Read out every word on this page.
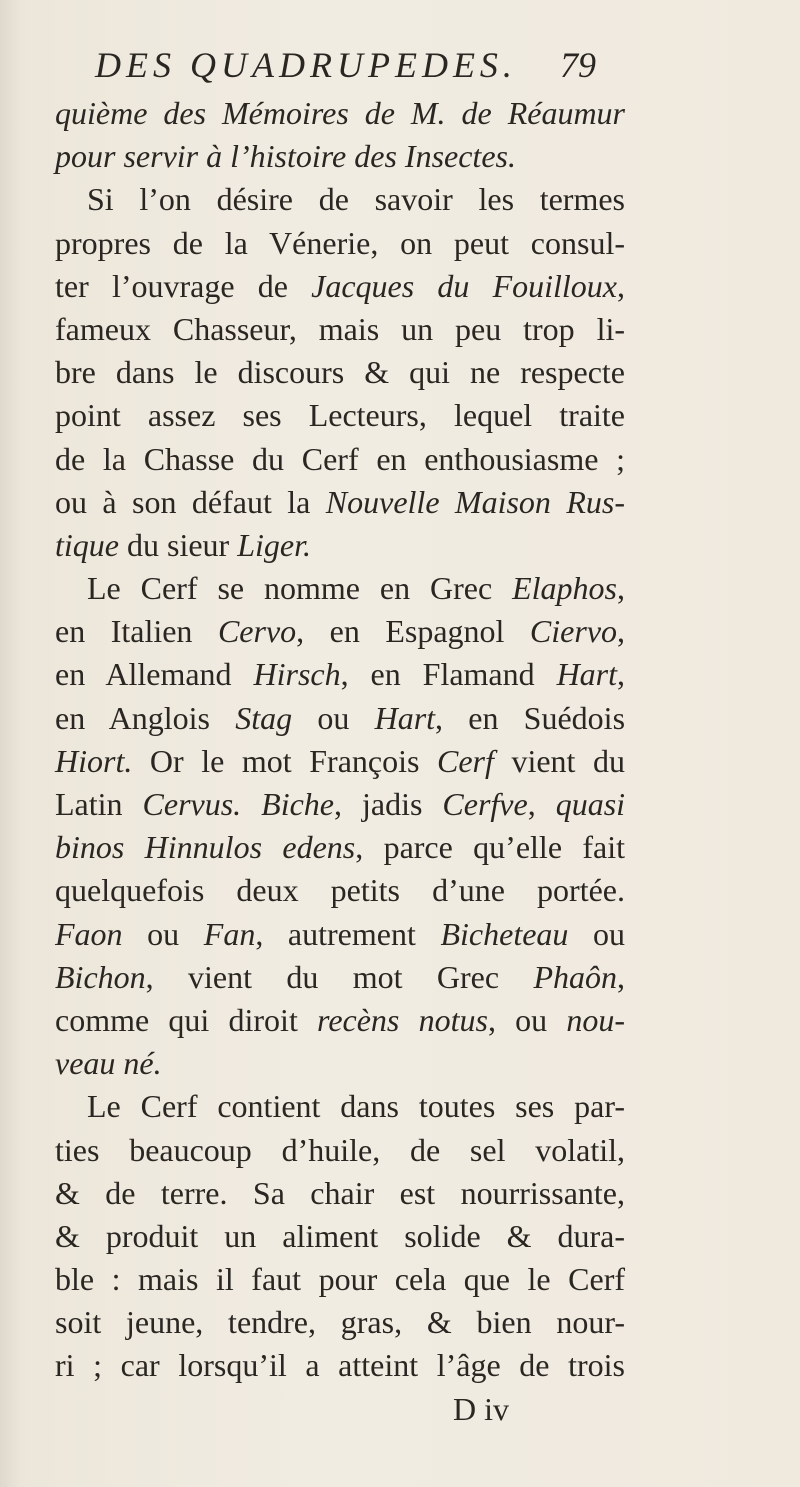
DES QUADRUPEDES. 79
quième des Mémoires de M. de Réaumur
pour servir à l’histoire des Insectes.
Si l’on désire de savoir les termes
propres de la Vénerie, on peut consul-
ter l’ouvrage de Jacques du Fouilloux,
fameux Chasseur, mais un peu trop li-
bre dans le discours & qui ne respecte
point assez ses Lecteurs, lequel traite
de la Chasse du Cerf en enthousiasme ;
ou à son défaut la Nouvelle Maison Rus-
tique du sieur Liger.
Le Cerf se nomme en Grec Elaphos,
en Italien Cervo, en Espagnol Ciervo,
en Allemand Hirsch, en Flamand Hart,
en Anglois Stag ou Hart, en Suédois
Hiort. Or le mot François Cerf vient du
Latin Cervus. Biche, jadis Cerfve, quasi
binos Hinnulos edens, parce qu’elle fait
quelquefois deux petits d’une portée.
Faon ou Fan, autrement Bicheteau ou
Bichon, vient du mot Grec Phaôn,
comme qui diroit recèns notus, ou nou-
veau né.
Le Cerf contient dans toutes ses par-
ties beaucoup d’huile, de sel volatil,
& de terre. Sa chair est nourrissante,
& produit un aliment solide & dura-
ble : mais il faut pour cela que le Cerf
soit jeune, tendre, gras, & bien nour-
ri ; car lorsqu’il a atteint l’âge de trois
D iv
